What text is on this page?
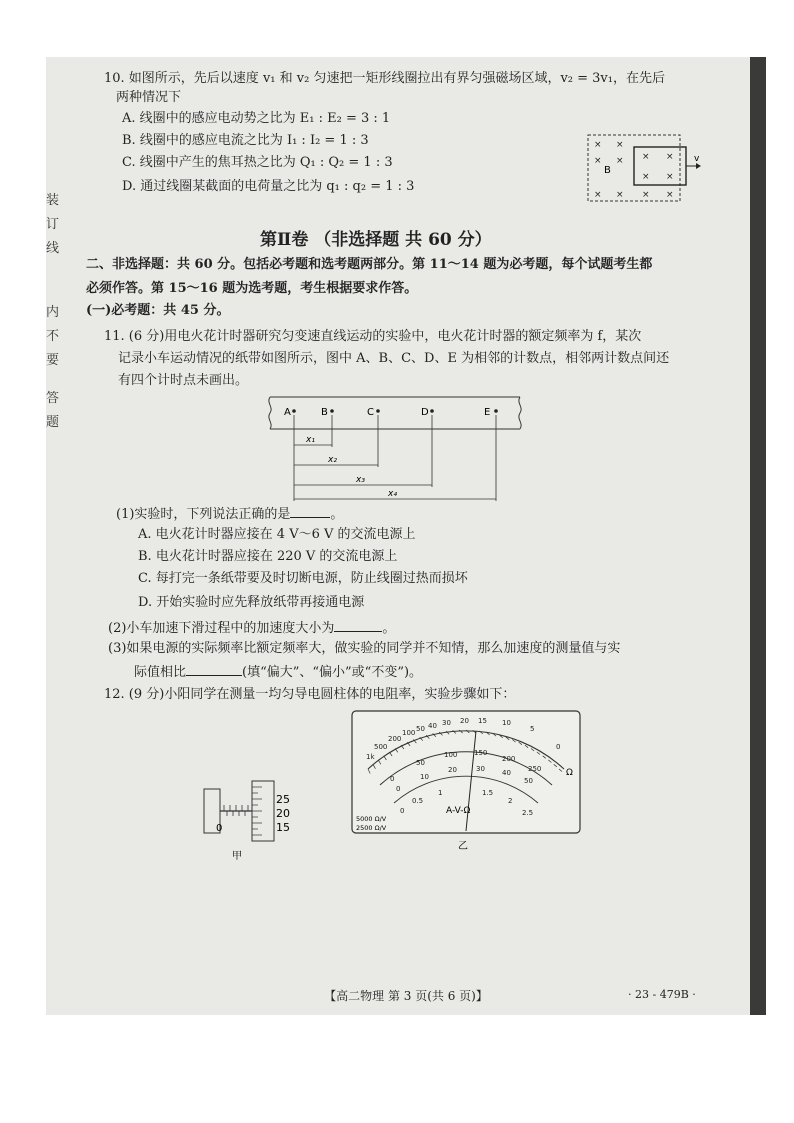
装
订
线
内
不
要
答
题
10. 如图所示，先后以速度 v₁ 和 v₂ 匀速把一矩形线圈拉出有界匀强磁场区域，v₂ = 3v₁，在先后
两种情况下
A. 线圈中的感应电动势之比为 E₁ : E₂ = 3 : 1
B. 线圈中的感应电流之比为 I₁ : I₂ = 1 : 3
C. 线圈中产生的焦耳热之比为 Q₁ : Q₂ = 1 : 3
D. 通过线圈某截面的电荷量之比为 q₁ : q₂ = 1 : 3
v
B
× ×
× ×
× ×
× ×
× × × ×
第Ⅱ卷 （非选择题 共 60 分）
二、非选择题：共 60 分。包括必考题和选考题两部分。第 11～14 题为必考题，每个试题考生都
必须作答。第 15～16 题为选考题，考生根据要求作答。
(一)必考题：共 45 分。
11. (6 分)用电火花计时器研究匀变速直线运动的实验中，电火花计时器的额定频率为 f，某次
记录小车运动情况的纸带如图所示，图中 A、B、C、D、E 为相邻的计数点，相邻两计数点间还
有四个计时点未画出。
A	B	C	D	E
x₁
x₂
x₃
x₄
(1)实验时，下列说法正确的是	。
A. 电火花计时器应接在 4 V～6 V 的交流电源上
B. 电火花计时器应接在 220 V 的交流电源上
C. 每打完一条纸带要及时切断电源，防止线圈过热而损坏
D. 开始实验时应先释放纸带再接通电源
(2)小车加速下滑过程中的加速度大小为	。
(3)如果电源的实际频率比额定频率大，做实验的同学并不知情，那么加速度的测量值与实
际值相比	(填“偏大”、“偏小”或“不变”)。
12. (9 分)小阳同学在测量一均匀导电圆柱体的电阻率，实验步骤如下：
25
20
15
0
甲
1k
500
200
100 50 40 30 20 15 10
5
0
0
50
100 150
200
250
0
10
20	30 40
50
0
0.5
1	1.5
2
2.5
Ω
A-V-Ω
5000 Ω/V
2500 Ω/V
乙
【高二物理 第 3 页(共 6 页)】	· 23 - 479B ·
